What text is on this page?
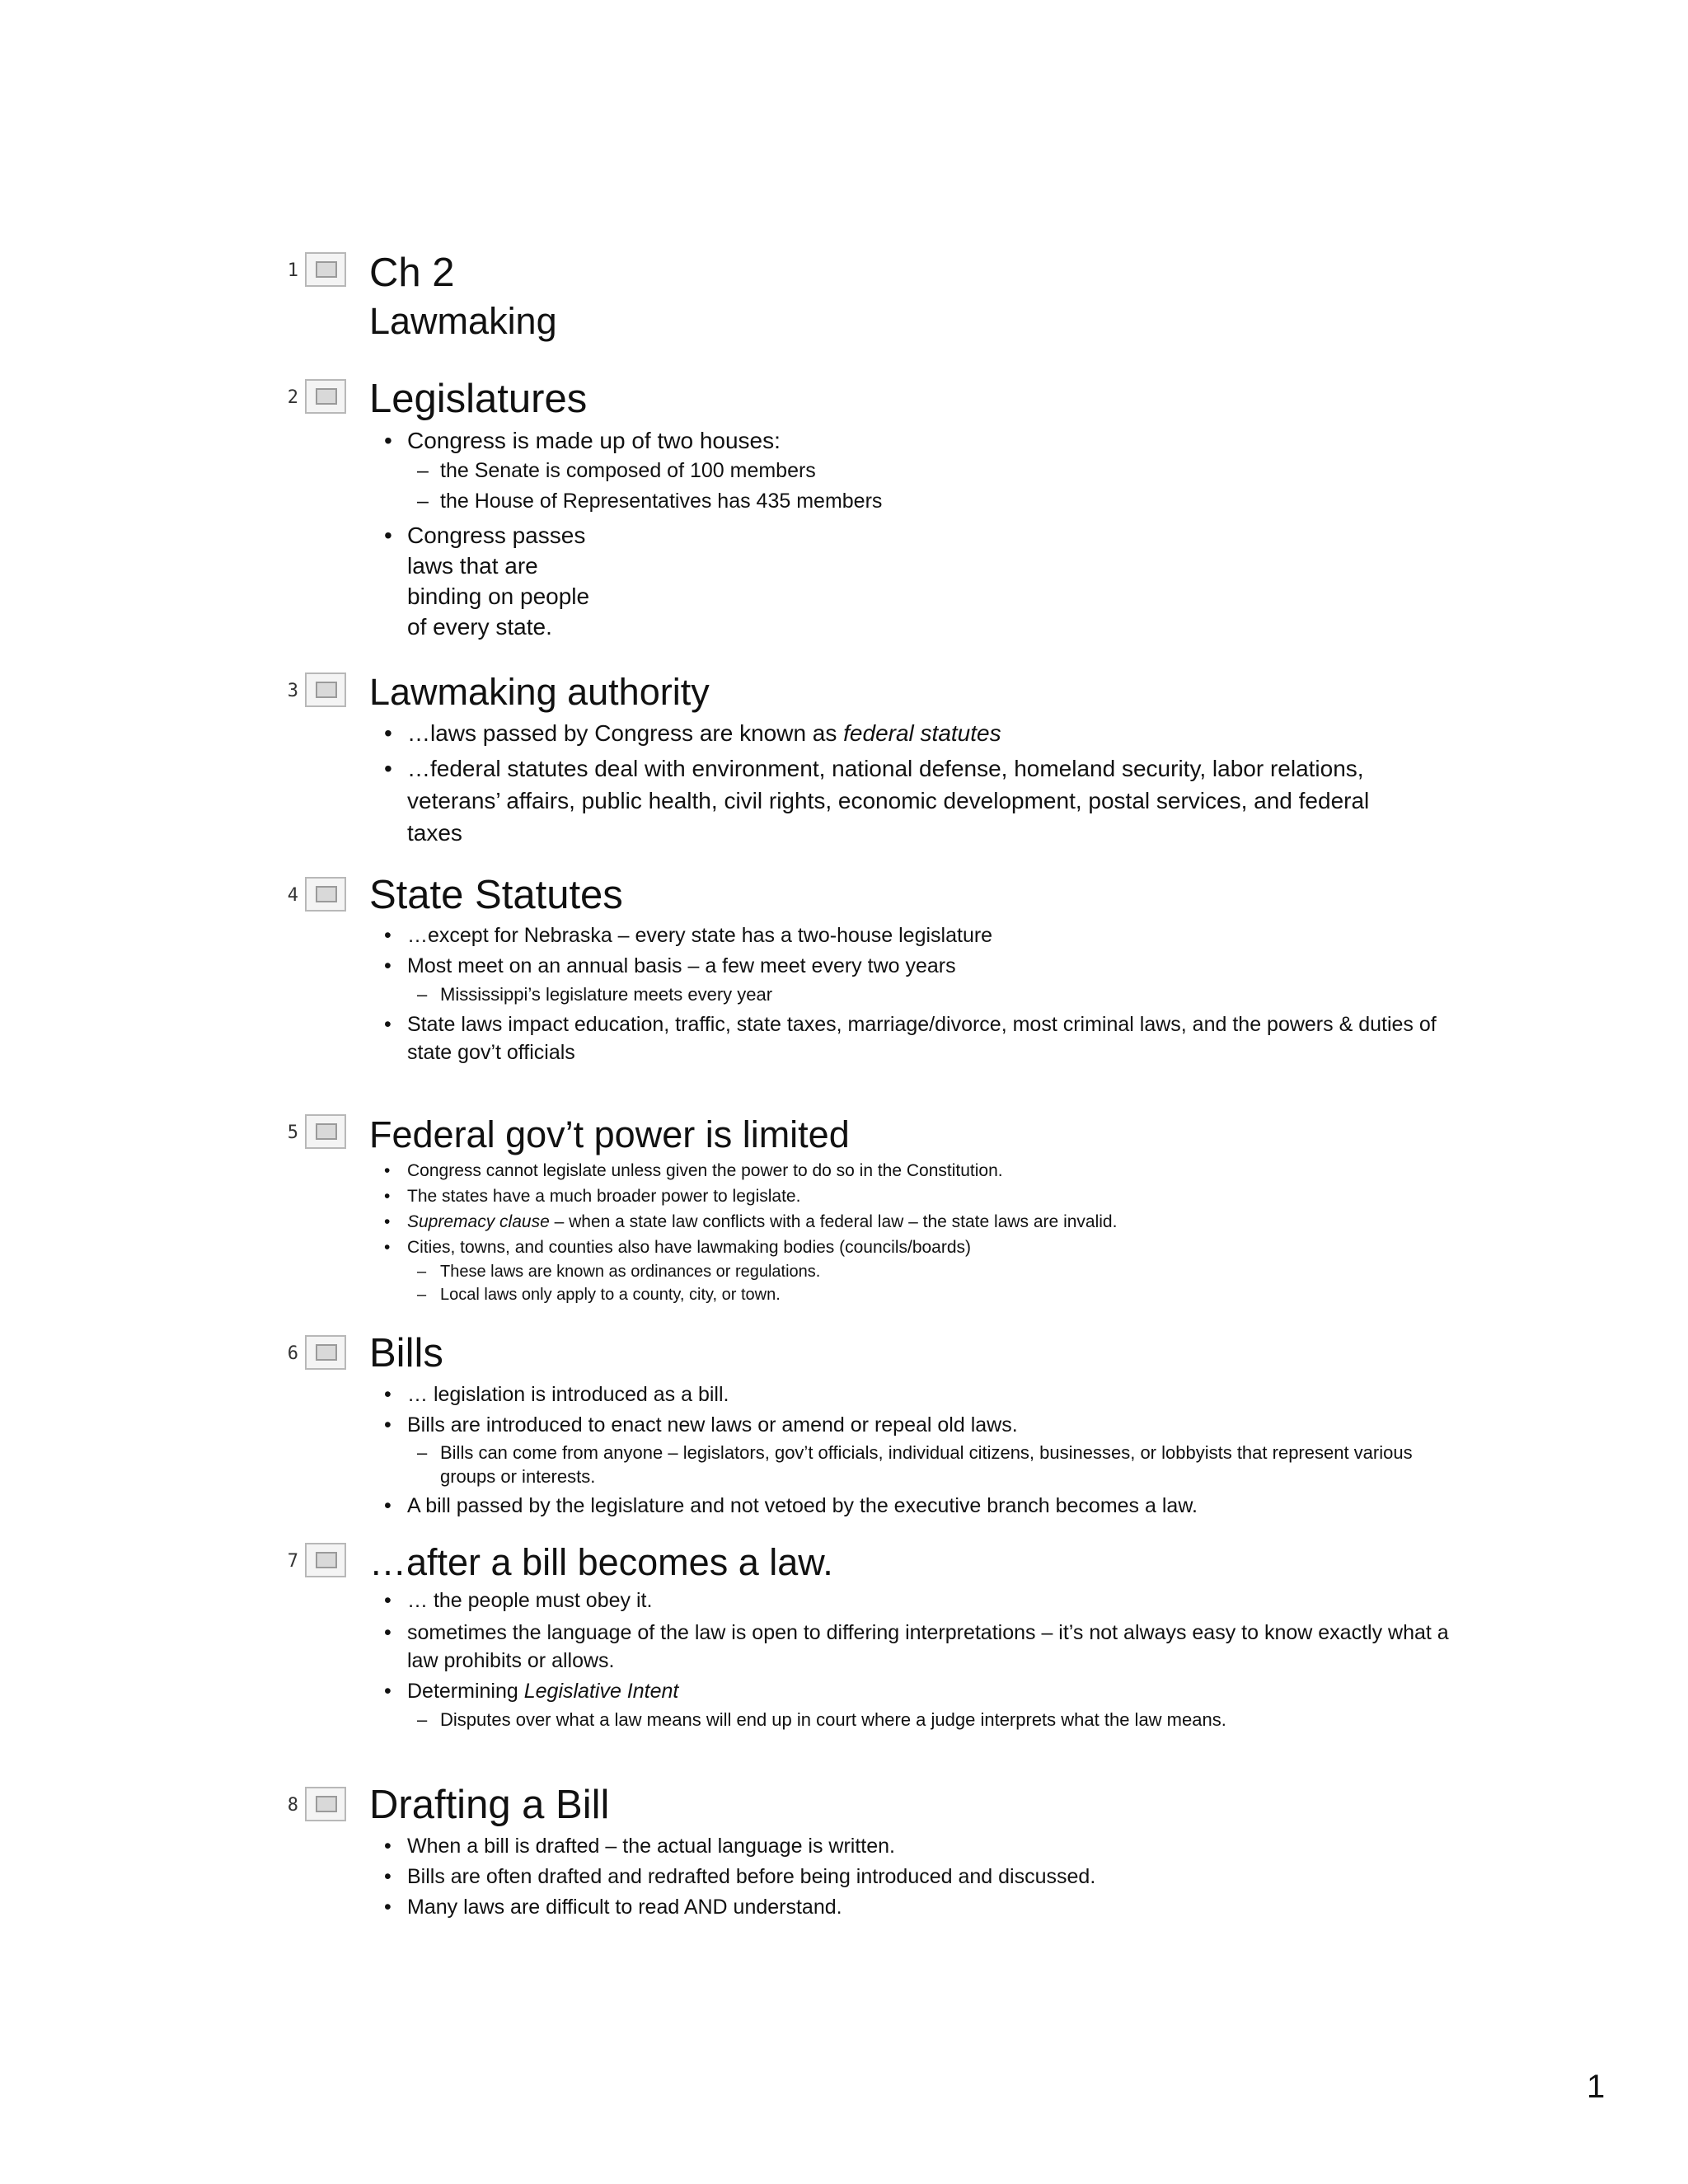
1 Ch 2
Lawmaking
2 Legislatures
• Congress is made up of two houses:
– the Senate is composed of 100 members
– the House of Representatives has 435 members
• Congress passes
laws that are
binding on people
of every state.
3 Lawmaking authority
• …laws passed by Congress are known as federal statutes
• …federal statutes deal with environment, national defense, homeland security, labor relations, veterans’ affairs, public health, civil rights, economic development, postal services, and federal taxes
4 State Statutes
• …except for Nebraska – every state has a two-house legislature
• Most meet on an annual basis – a few meet every two years
– Mississippi’s legislature meets every year
• State laws impact education, traffic, state taxes, marriage/divorce, most criminal laws, and the powers & duties of state gov’t officials
5 Federal gov’t power is limited
• Congress cannot legislate unless given the power to do so in the Constitution.
• The states have a much broader power to legislate.
• Supremacy clause – when a state law conflicts with a federal law – the state laws are invalid.
• Cities, towns, and counties also have lawmaking bodies (councils/boards)
– These laws are known as ordinances or regulations.
– Local laws only apply to a county, city, or town.
6 Bills
• … legislation is introduced as a bill.
• Bills are introduced to enact new laws or amend or repeal old laws.
– Bills can come from anyone – legislators, gov’t officials, individual citizens, businesses, or lobbyists that represent various groups or interests.
• A bill passed by the legislature and not vetoed by the executive branch becomes a law.
7 …after a bill becomes a law.
• … the people must obey it.
• sometimes the language of the law is open to differing interpretations – it’s not always easy to know exactly what a law prohibits or allows.
• Determining Legislative Intent
– Disputes over what a law means will end up in court where a judge interprets what the law means.
8 Drafting a Bill
• When a bill is drafted – the actual language is written.
• Bills are often drafted and redrafted before being introduced and discussed.
• Many laws are difficult to read AND understand.
1
